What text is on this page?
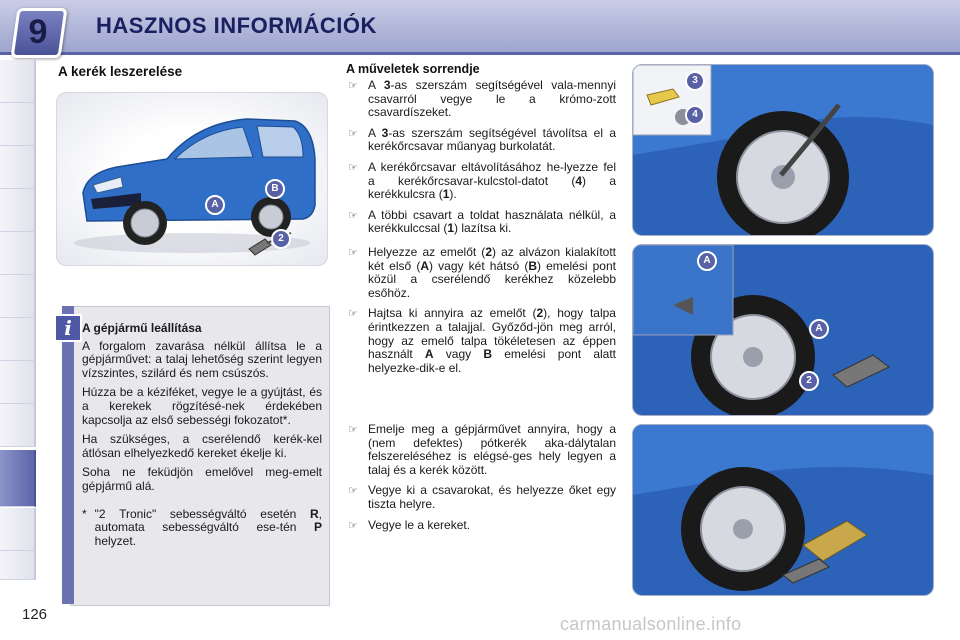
9	HASZNOS INFORMÁCIÓK
A kerék leszerelése
A
B
2
i A gépjármű leállítása

A forgalom zavarása nélkül állítsa le a gépjárművet: a talaj lehetőség szerint legyen vízszintes, szilárd és nem csúszós.

Húzza be a kéziféket, vegye le a gyújtást, és a kerekek rögzítésé-nek érdekében kapcsolja az első sebességi fokozatot*.

Ha szükséges, a cserélendő kerék-kel átlósan elhelyezkedő kereket ékelje ki.

Soha ne feküdjön emelővel meg-emelt gépjármű alá.

* "2 Tronic" sebességváltó esetén R, automata sebességváltó ese-tén P helyzet.
A műveletek sorrendje
☞ A 3-as szerszám segítségével vala-mennyi csavarról vegye le a krómo-zott csavardíszeket.
☞ A 3-as szerszám segítségével távolítsa el a kerékőrcsavar műanyag burkolatát.
☞ A kerékőrcsavar eltávolításához he-lyezze fel a kerékőrcsavar-kulcstol-datot (4) a kerékkulcsra (1).
☞ A többi csavart a toldat használata nélkül, a kerékkulccsal (1) lazítsa ki.
☞ Helyezze az emelőt (2) az alvázon kialakított két első (A) vagy két hátsó (B) emelési pont közül a cserélendő kerékhez közelebb esőhöz.
☞ Hajtsa ki annyira az emelőt (2), hogy talpa érintkezzen a talajjal. Győződ-jön meg arról, hogy az emelő talpa tökéletesen az éppen használt A vagy B emelési pont alatt helyezke-dik-e el.
☞ Emelje meg a gépjárművet annyira, hogy a (nem defektes) pótkerék aka-dálytalan felszereléséhez is elégsé-ges hely legyen a talaj és a kerék között.
☞ Vegye ki a csavarokat, és helyezze őket egy tiszta helyre.
☞ Vegye le a kereket.
3
4
A
A
2
126	carmanualsonline.info
